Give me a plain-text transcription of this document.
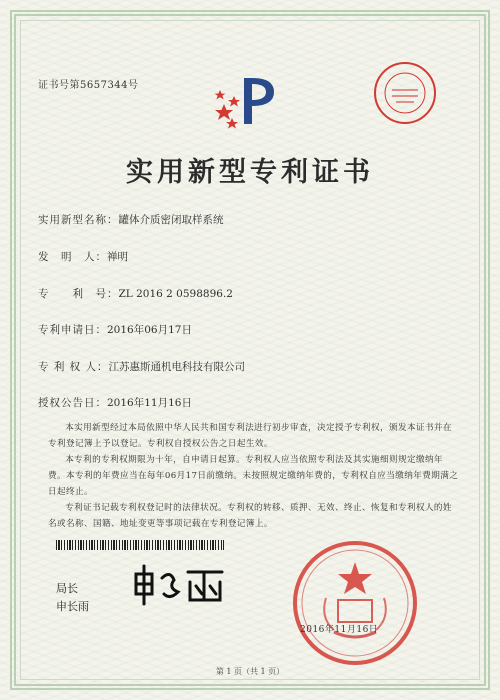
证书号第5657344号
实用新型专利证书
实用新型名称：罐体介质密闭取样系统
发　明　人：禅明
专　　利　号：ZL 2016 2 0598896.2
专利申请日：2016年06月17日
专 利 权 人：江苏惠斯通机电科技有限公司
授权公告日：2016年11月16日
本实用新型经过本局依照中华人民共和国专利法进行初步审查，决定授予专利权，颁发本证书并在专利登记簿上予以登记。专利权自授权公告之日起生效。
本专利的专利权期限为十年，自申请日起算。专利权人应当依照专利法及其实施细则规定缴纳年费。本专利的年费应当在每年06月17日前缴纳。未按照规定缴纳年费的，专利权自应当缴纳年费期满之日起终止。
专利证书记载专利权登记时的法律状况。专利权的转移、质押、无效、终止、恢复和专利权人的姓名或名称、国籍、地址变更等事项记载在专利登记簿上。
局长
申长雨
2016年11月16日
第 1 页（共 1 页）
